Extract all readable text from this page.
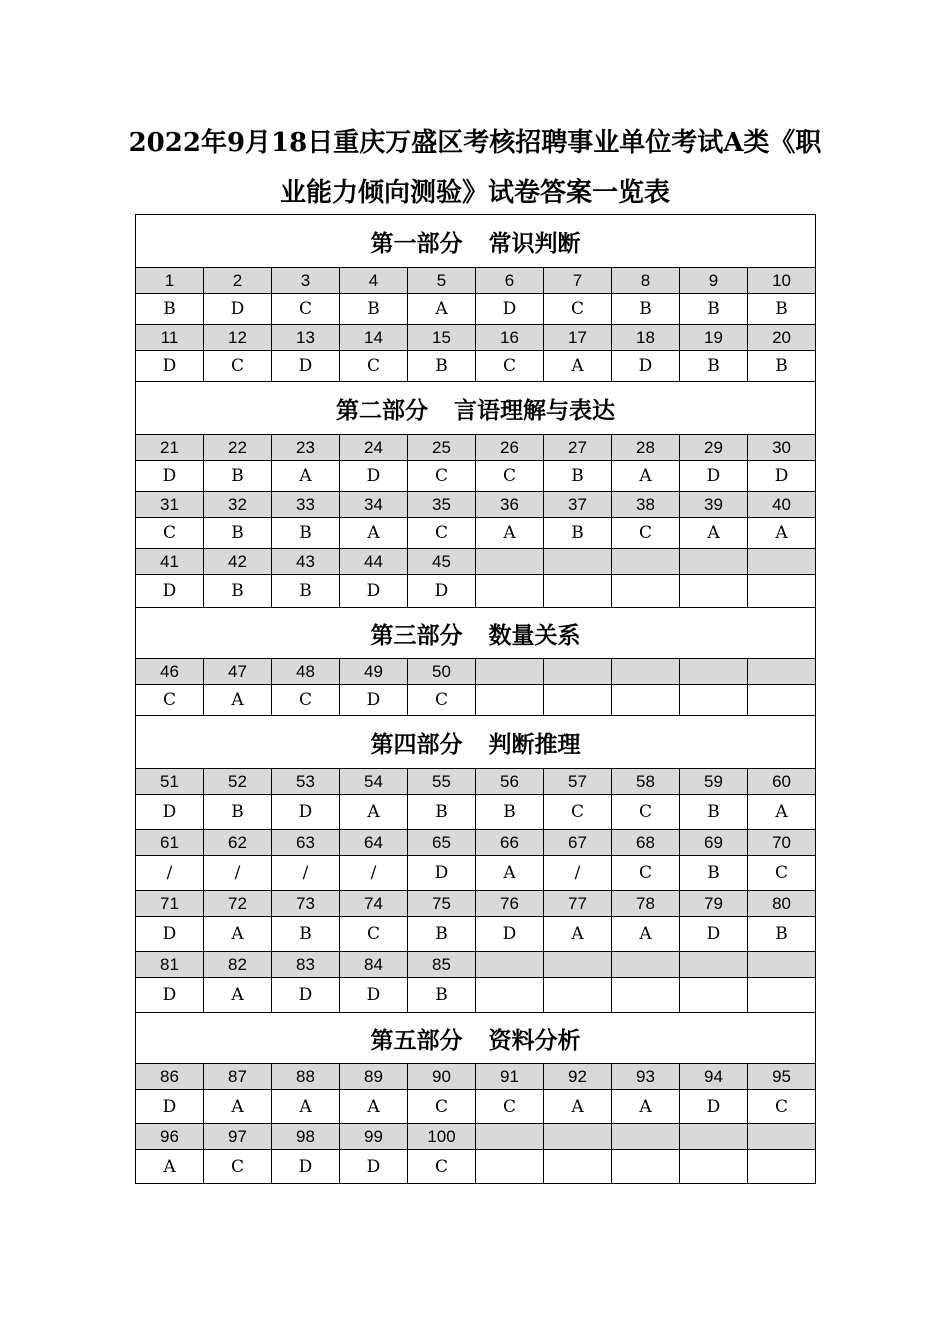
2022年9月18日重庆万盛区考核招聘事业单位考试A类《职
业能力倾向测验》试卷答案一览表
第一部分 常识判断									
1	2	3	4	5	6	7	8	9	10
B	D	C	B	A	D	C	B	B	B
11	12	13	14	15	16	17	18	19	20
D	C	D	C	B	C	A	D	B	B
第二部分 言语理解与表达									
21	22	23	24	25	26	27	28	29	30
D	B	A	D	C	C	B	A	D	D
31	32	33	34	35	36	37	38	39	40
C	B	B	A	C	A	B	C	A	A
41	42	43	44	45					
D	B	B	D	D					
第三部分 数量关系									
46	47	48	49	50					
C	A	C	D	C					
第四部分 判断推理									
51	52	53	54	55	56	57	58	59	60
D	B	D	A	B	B	C	C	B	A
61	62	63	64	65	66	67	68	69	70
/	/	/	/	D	A	/	C	B	C
71	72	73	74	75	76	77	78	79	80
D	A	B	C	B	D	A	A	D	B
81	82	83	84	85					
D	A	D	D	B					
第五部分 资料分析									
86	87	88	89	90	91	92	93	94	95
D	A	A	A	C	C	A	A	D	C
96	97	98	99	100					
A	C	D	D	C					
